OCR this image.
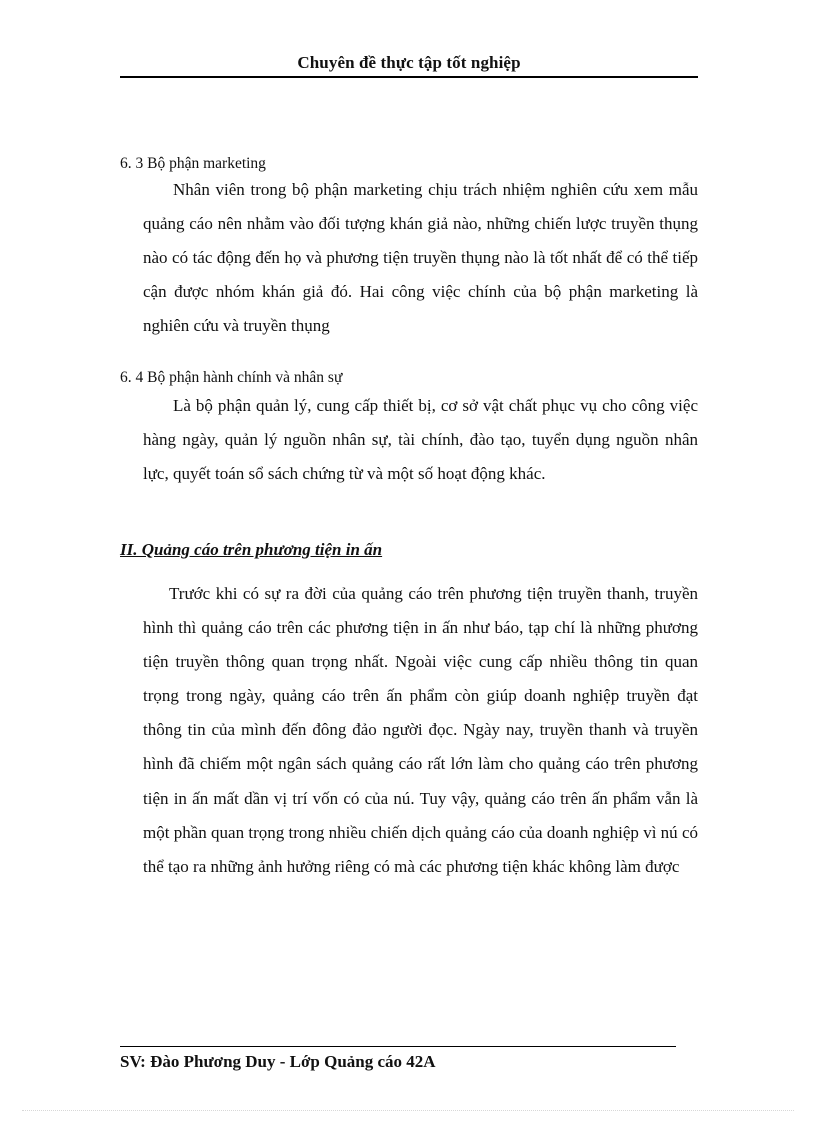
Chuyên đề thực tập tốt nghiệp
6. 3 Bộ phận marketing

Nhân viên trong bộ phận marketing chịu trách nhiệm nghiên cứu xem mẫu quảng cáo nên nhằm vào đối tượng khán giả nào, những chiến lược truyền thụng nào có tác động đến họ và phương tiện truyền thụng nào là tốt nhất để có thể tiếp cận được nhóm khán giả đó. Hai công việc chính của bộ phận marketing là nghiên cứu và truyền thụng

6. 4 Bộ phận hành chính và nhân sự

Là bộ phận quản lý, cung cấp thiết bị, cơ sở vật chất phục vụ cho công việc hàng ngày, quản lý nguồn nhân sự, tài chính, đào tạo, tuyển dụng nguồn nhân lực, quyết toán sổ sách chứng từ và một số hoạt động khác.

II. Quảng cáo trên phương tiện in ấn

Trước khi có sự ra đời của quảng cáo trên phương tiện truyền thanh, truyền hình thì quảng cáo trên các phương tiện in ấn như báo, tạp chí là những phương tiện truyền thông quan trọng nhất. Ngoài việc cung cấp nhiều thông tin quan trọng trong ngày, quảng cáo trên ấn phẩm còn giúp doanh nghiệp truyền đạt thông tin của mình đến đông đảo người đọc. Ngày nay, truyền thanh và truyền hình đã chiếm một ngân sách quảng cáo rất lớn làm cho quảng cáo trên phương tiện in ấn mất dần vị trí vốn có của nú. Tuy vậy, quảng cáo trên ấn phẩm vẫn là một phần quan trọng trong nhiều chiến dịch quảng cáo của doanh nghiệp vì nú có thể tạo ra những ảnh hưởng riêng có mà các phương tiện khác không làm được

SV: Đào Phương Duy - Lớp Quảng cáo 42A
